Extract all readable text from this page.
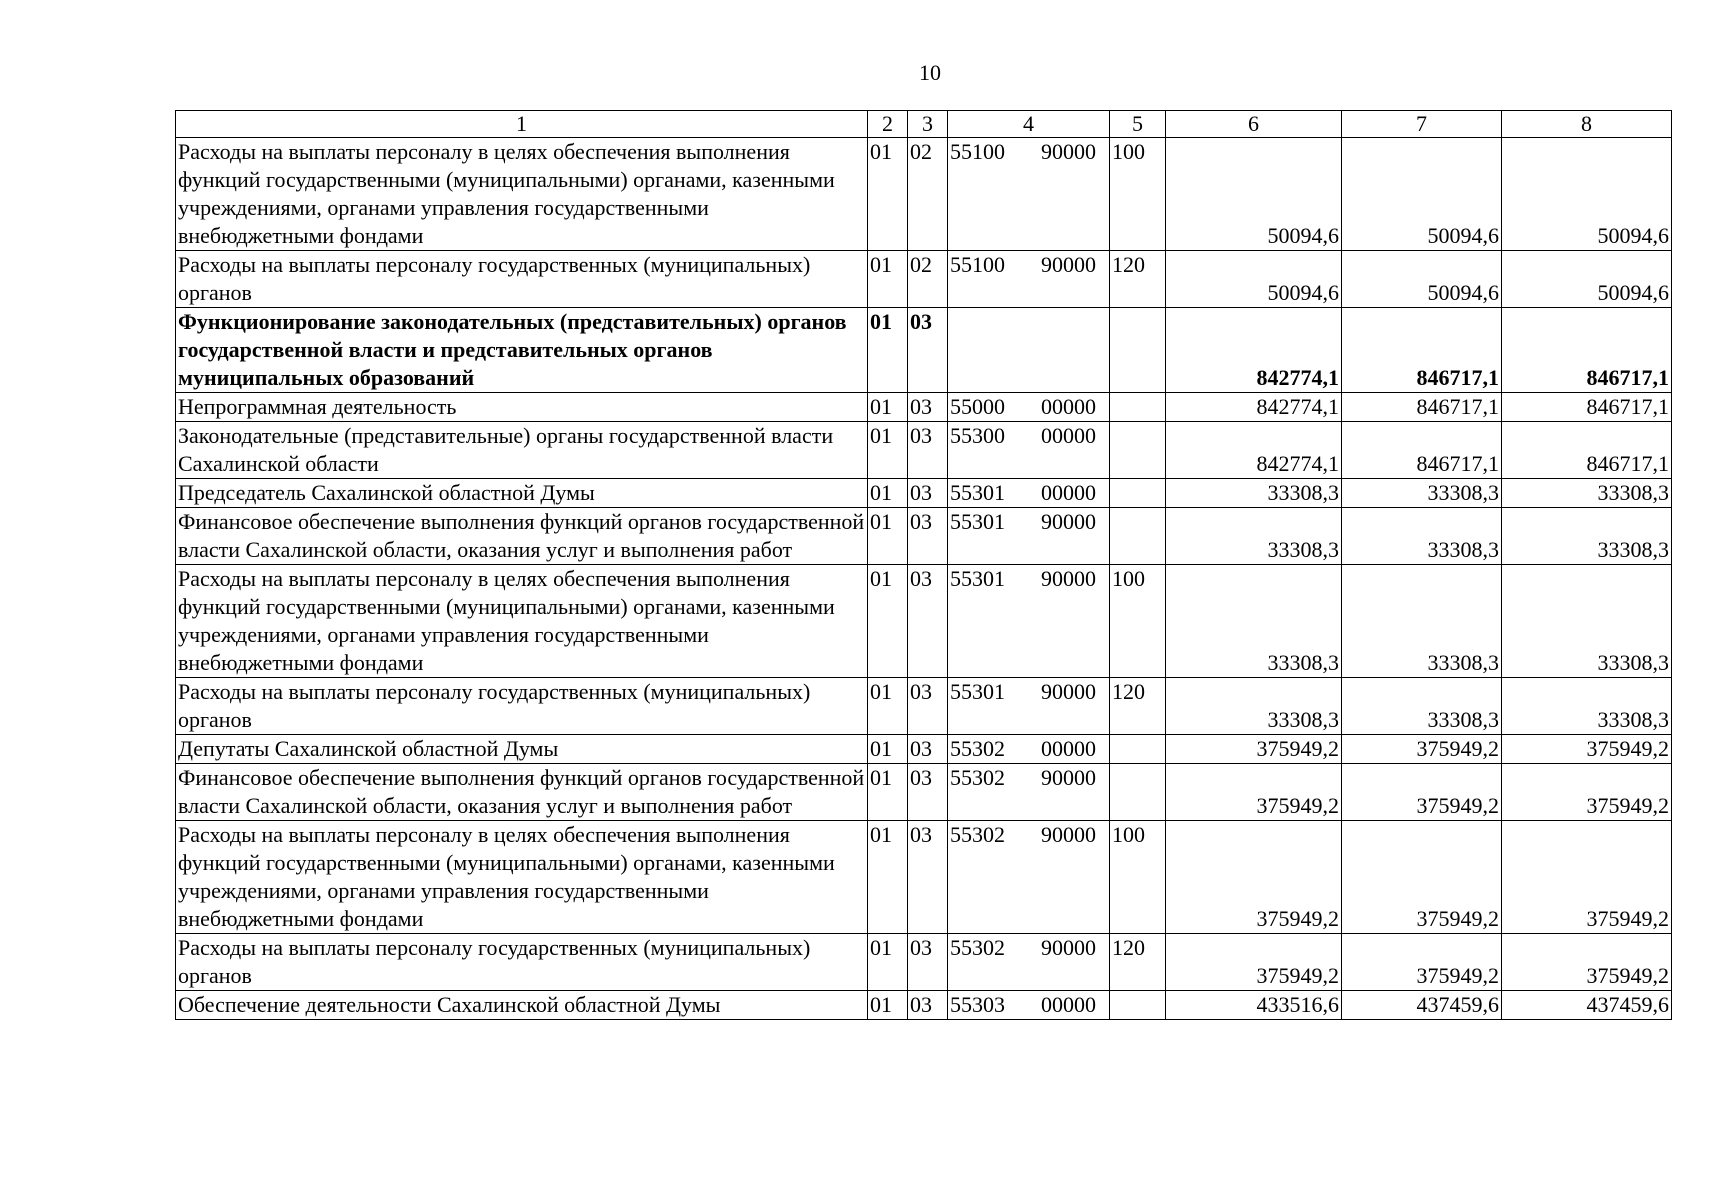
10
1	2	3	4	5	6	7	8
Расходы на выплаты персоналу в целях обеспечения выполнения функций государственными (муниципальными) органами, казенными учреждениями, органами управления государственными внебюджетными фондами	01	02	55100 90000	100	50094,6	50094,6	50094,6
Расходы на выплаты персоналу государственных (муниципальных) органов	01	02	55100 90000	120	50094,6	50094,6	50094,6
Функционирование законодательных (представительных) органов государственной власти и представительных органов муниципальных образований	01	03			842774,1	846717,1	846717,1
Непрограммная деятельность	01	03	55000 00000		842774,1	846717,1	846717,1
Законодательные (представительные) органы государственной власти Сахалинской области	01	03	55300 00000		842774,1	846717,1	846717,1
Председатель Сахалинской областной Думы	01	03	55301 00000		33308,3	33308,3	33308,3
Финансовое обеспечение выполнения функций органов государственной власти Сахалинской области, оказания услуг и выполнения работ	01	03	55301 90000		33308,3	33308,3	33308,3
Расходы на выплаты персоналу в целях обеспечения выполнения функций государственными (муниципальными) органами, казенными учреждениями, органами управления государственными внебюджетными фондами	01	03	55301 90000	100	33308,3	33308,3	33308,3
Расходы на выплаты персоналу государственных (муниципальных) органов	01	03	55301 90000	120	33308,3	33308,3	33308,3
Депутаты Сахалинской областной Думы	01	03	55302 00000		375949,2	375949,2	375949,2
Финансовое обеспечение выполнения функций органов государственной власти Сахалинской области, оказания услуг и выполнения работ	01	03	55302 90000		375949,2	375949,2	375949,2
Расходы на выплаты персоналу в целях обеспечения выполнения функций государственными (муниципальными) органами, казенными учреждениями, органами управления государственными внебюджетными фондами	01	03	55302 90000	100	375949,2	375949,2	375949,2
Расходы на выплаты персоналу государственных (муниципальных) органов	01	03	55302 90000	120	375949,2	375949,2	375949,2
Обеспечение деятельности Сахалинской областной Думы	01	03	55303 00000		433516,6	437459,6	437459,6
